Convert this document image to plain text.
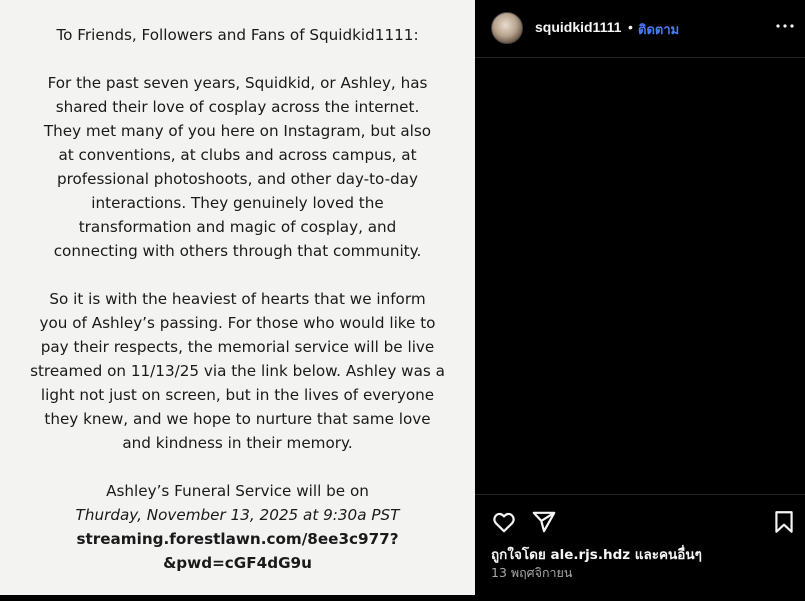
To Friends, Followers and Fans of Squidkid1111:

For the past seven years, Squidkid, or Ashley, has
shared their love of cosplay across the internet.
They met many of you here on Instagram, but also
at conventions, at clubs and across campus, at
professional photoshoots, and other day-to-day
interactions. They genuinely loved the
transformation and magic of cosplay, and
connecting with others through that community.

So it is with the heaviest of hearts that we inform
you of Ashley’s passing. For those who would like to
pay their respects, the memorial service will be live
streamed on 11/13/25 via the link below. Ashley was a
light not just on screen, but in the lives of everyone
they knew, and we hope to nurture that same love
and kindness in their memory.

Ashley’s Funeral Service will be on
Thurday, November 13, 2025 at 9:30a PST
streaming.forestlawn.com/8ee3c977?
&pwd=cGF4dG9u

squidkid1111 • ติดตาม
ถูกใจโดย ale.rjs.hdz และคนอื่นๆ
13 พฤศจิกายน
